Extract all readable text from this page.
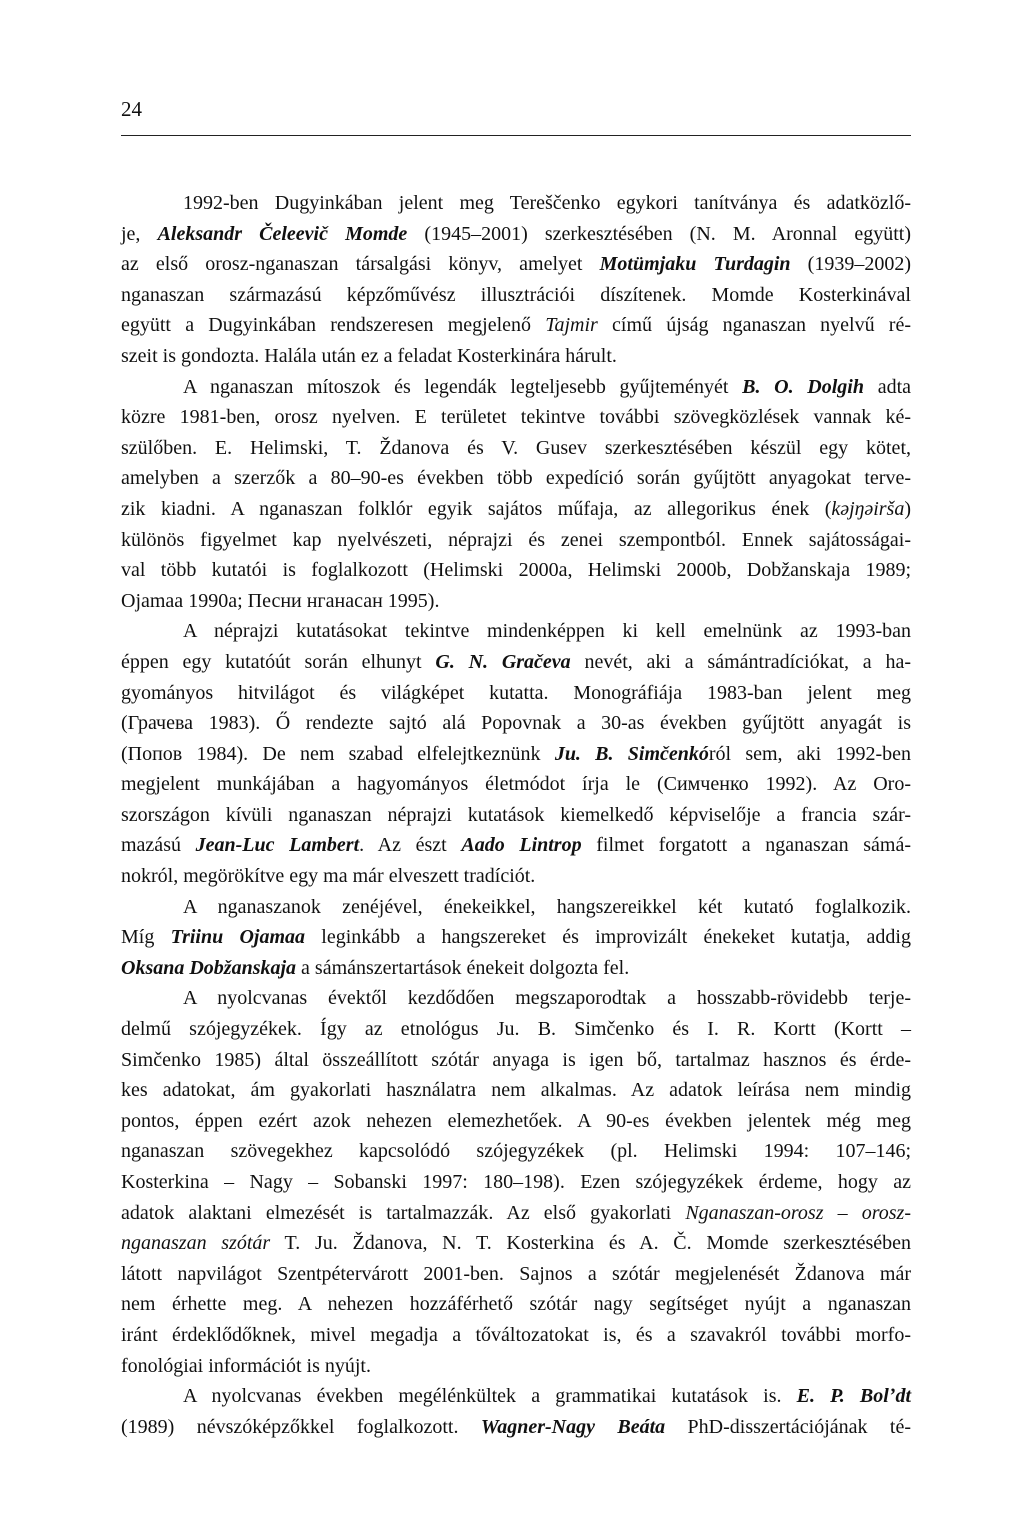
24
1992-ben Dugyinkában jelent meg Tereščenko egykori tanítványa és adatközlő-
je, Aleksandr Čeleevič Momde (1945–2001) szerkesztésében (N. M. Aronnal együtt)
az első orosz-nganaszan társalgási könyv, amelyet Motümjaku Turdagin (1939–2002)
nganaszan származású képzőművész illusztrációi díszítenek. Momde Kosterkinával
együtt a Dugyinkában rendszeresen megjelenő Tajmir című újság nganaszan nyelvű ré-
szeit is gondozta. Halála után ez a feladat Kosterkinára hárult.
A nganaszan mítoszok és legendák legteljesebb gyűjteményét B. O. Dolgih adta
közre 1981-ben, orosz nyelven. E területet tekintve további szövegközlések vannak ké-
szülőben. E. Helimski, T. Ždanova és V. Gusev szerkesztésében készül egy kötet,
amelyben a szerzők a 80–90-es években több expedíció során gyűjtött anyagokat terve-
zik kiadni. A nganaszan folklór egyik sajátos műfaja, az allegorikus ének (kəjŋəirša)
különös figyelmet kap nyelvészeti, néprajzi és zenei szempontból. Ennek sajátosságai-
val több kutatói is foglalkozott (Helimski 2000a, Helimski 2000b, Dobžanskaja 1989;
Ojamaa 1990a; Песни нганасан 1995).
A néprajzi kutatásokat tekintve mindenképpen ki kell emelnünk az 1993-ban
éppen egy kutatóút során elhunyt G. N. Gračeva nevét, aki a sámántradíciókat, a ha-
gyományos hitvilágot és világképet kutatta. Monográfiája 1983-ban jelent meg
(Грачева 1983). Ő rendezte sajtó alá Popovnak a 30-as években gyűjtött anyagát is
(Попов 1984). De nem szabad elfelejtkeznünk Ju. B. Simčenkóról sem, aki 1992-ben
megjelent munkájában a hagyományos életmódot írja le (Симченко 1992). Az Oro-
szországon kívüli nganaszan néprajzi kutatások kiemelkedő képviselője a francia szár-
mazású Jean-Luc Lambert. Az észt Aado Lintrop filmet forgatott a nganaszan sámá-
nokról, megörökítve egy ma már elveszett tradíciót.
A nganaszanok zenéjével, énekeikkel, hangszereikkel két kutató foglalkozik.
Míg Triinu Ojamaa leginkább a hangszereket és improvizált énekeket kutatja, addig
Oksana Dobžanskaja a sámánszertartások énekeit dolgozta fel.
A nyolcvanas évektől kezdődően megszaporodtak a hosszabb-rövidebb terje-
delmű szójegyzékek. Így az etnológus Ju. B. Simčenko és I. R. Kortt (Kortt –
Simčenko 1985) által összeállított szótár anyaga is igen bő, tartalmaz hasznos és érde-
kes adatokat, ám gyakorlati használatra nem alkalmas. Az adatok leírása nem mindig
pontos, éppen ezért azok nehezen elemezhetőek. A 90-es években jelentek még meg
nganaszan szövegekhez kapcsolódó szójegyzékek (pl. Helimski 1994: 107–146;
Kosterkina – Nagy – Sobanski 1997: 180–198). Ezen szójegyzékek érdeme, hogy az
adatok alaktani elmezését is tartalmazzák. Az első gyakorlati Nganaszan-orosz – orosz-
nganaszan szótár T. Ju. Ždanova, N. T. Kosterkina és A. Č. Momde szerkesztésében
látott napvilágot Szentpétervárott 2001-ben. Sajnos a szótár megjelenését Ždanova már
nem érhette meg. A nehezen hozzáférhető szótár nagy segítséget nyújt a nganaszan
iránt érdeklődőknek, mivel megadja a tőváltozatokat is, és a szavakról további morfo-
fonológiai információt is nyújt.
A nyolcvanas években megélénkültek a grammatikai kutatások is. E. P. Bolʼdt
(1989) névszóképzőkkel foglalkozott. Wagner-Nagy Beáta PhD-disszertációjának té-
